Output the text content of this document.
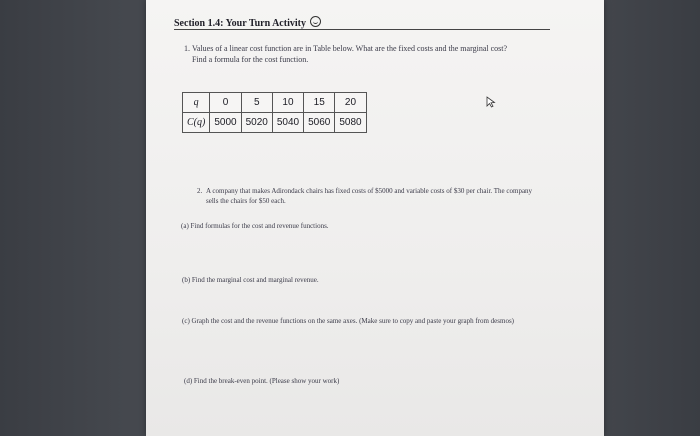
Section 1.4: Your Turn Activity
1. Values of a linear cost function are in Table below. What are the fixed costs and the marginal cost? Find a formula for the cost function.
q	0	5	10	15	20
C(q)	5000	5020	5040	5060	5080
2. A company that makes Adirondack chairs has fixed costs of $5000 and variable costs of $30 per chair. The company sells the chairs for $50 each.
(a) Find formulas for the cost and revenue functions.
(b) Find the marginal cost and marginal revenue.
(c) Graph the cost and the revenue functions on the same axes. (Make sure to copy and paste your graph from desmos)
(d) Find the break-even point. (Please show your work)
